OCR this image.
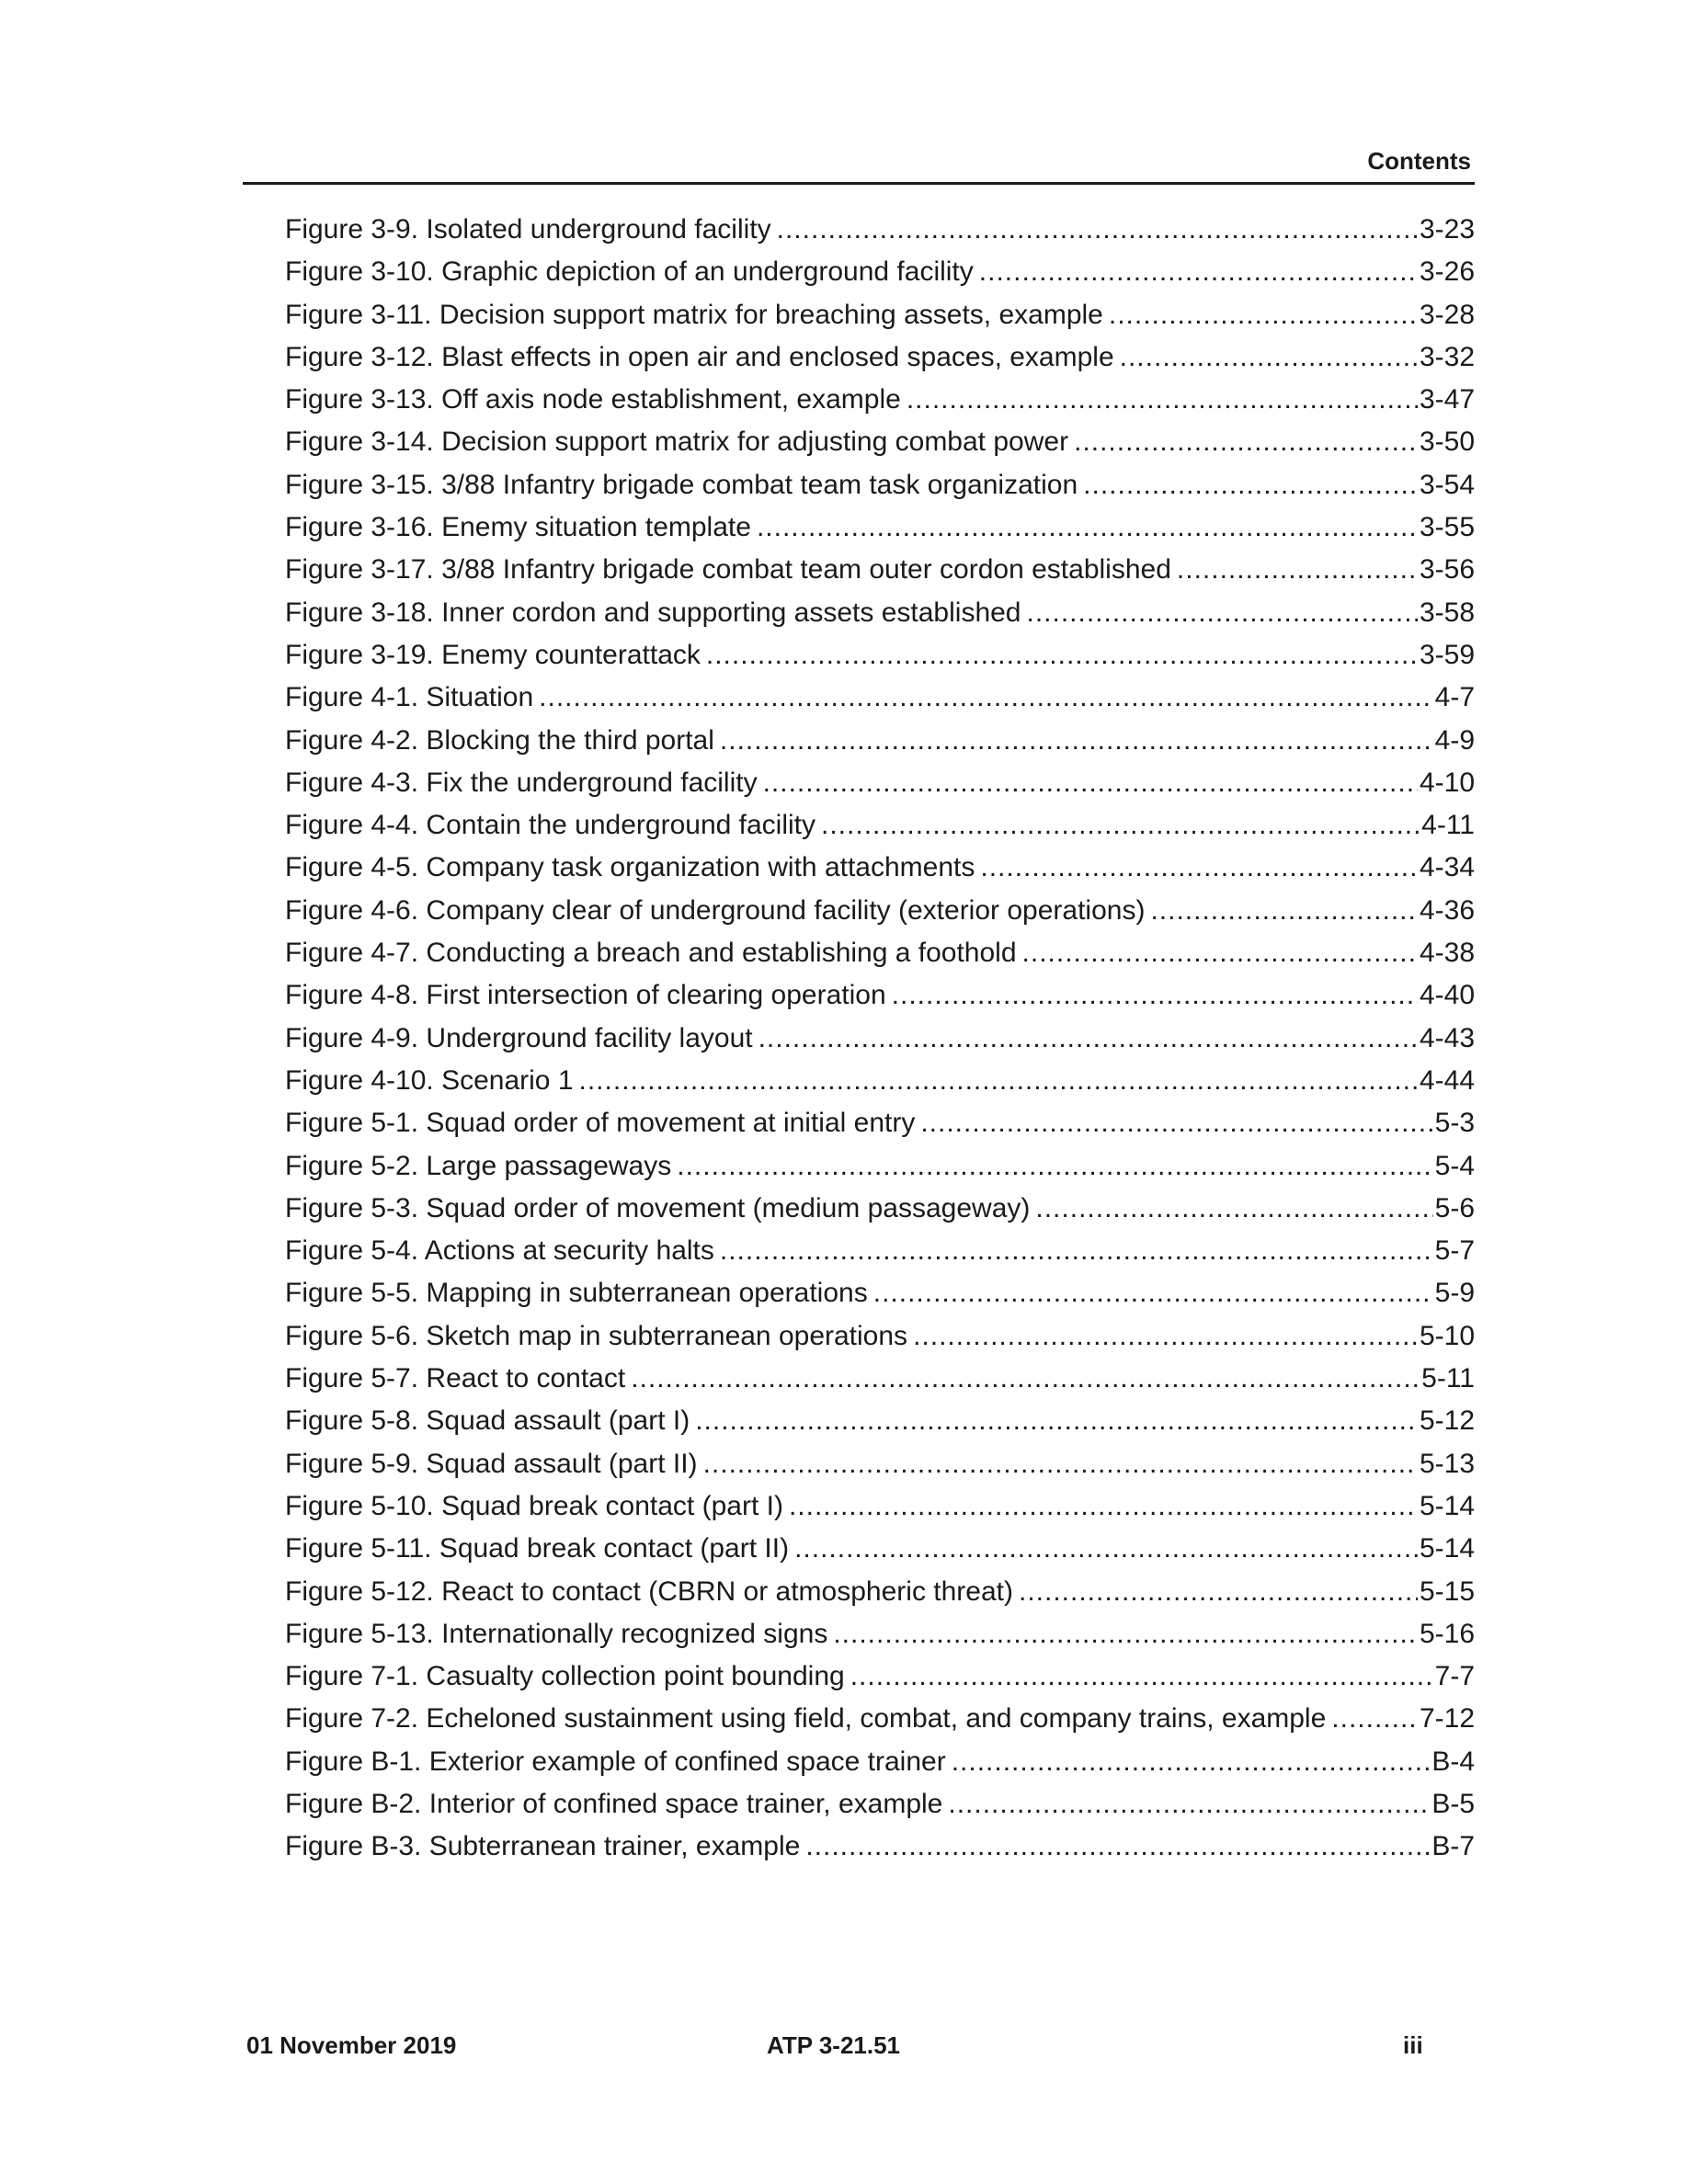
Contents
Figure 3-9. Isolated underground facility .....	3-23
Figure 3-10. Graphic depiction of an underground facility .....	3-26
Figure 3-11. Decision support matrix for breaching assets, example .....	3-28
Figure 3-12. Blast effects in open air and enclosed spaces, example .....	3-32
Figure 3-13. Off axis node establishment, example .....	3-47
Figure 3-14. Decision support matrix for adjusting combat power .....	3-50
Figure 3-15. 3/88 Infantry brigade combat team task organization .....	3-54
Figure 3-16. Enemy situation template .....	3-55
Figure 3-17. 3/88 Infantry brigade combat team outer cordon established .....	3-56
Figure 3-18. Inner cordon and supporting assets established .....	3-58
Figure 3-19. Enemy counterattack .....	3-59
Figure 4-1. Situation .....	4-7
Figure 4-2. Blocking the third portal .....	4-9
Figure 4-3. Fix the underground facility .....	4-10
Figure 4-4. Contain the underground facility .....	4-11
Figure 4-5. Company task organization with attachments .....	4-34
Figure 4-6. Company clear of underground facility (exterior operations) .....	4-36
Figure 4-7. Conducting a breach and establishing a foothold .....	4-38
Figure 4-8. First intersection of clearing operation .....	4-40
Figure 4-9. Underground facility layout .....	4-43
Figure 4-10. Scenario 1 .....	4-44
Figure 5-1. Squad order of movement at initial entry .....	5-3
Figure 5-2. Large passageways .....	5-4
Figure 5-3. Squad order of movement (medium passageway) .....	5-6
Figure 5-4. Actions at security halts .....	5-7
Figure 5-5. Mapping in subterranean operations .....	5-9
Figure 5-6. Sketch map in subterranean operations .....	5-10
Figure 5-7. React to contact .....	5-11
Figure 5-8. Squad assault (part I) .....	5-12
Figure 5-9. Squad assault (part II) .....	5-13
Figure 5-10. Squad break contact (part I) .....	5-14
Figure 5-11. Squad break contact (part II) .....	5-14
Figure 5-12. React to contact (CBRN or atmospheric threat) .....	5-15
Figure 5-13. Internationally recognized signs .....	5-16
Figure 7-1. Casualty collection point bounding .....	7-7
Figure 7-2. Echeloned sustainment using field, combat, and company trains, example .....	7-12
Figure B-1. Exterior example of confined space trainer .....	B-4
Figure B-2. Interior of confined space trainer, example .....	B-5
Figure B-3. Subterranean trainer, example .....	B-7
01 November 2019	ATP 3-21.51	iii
